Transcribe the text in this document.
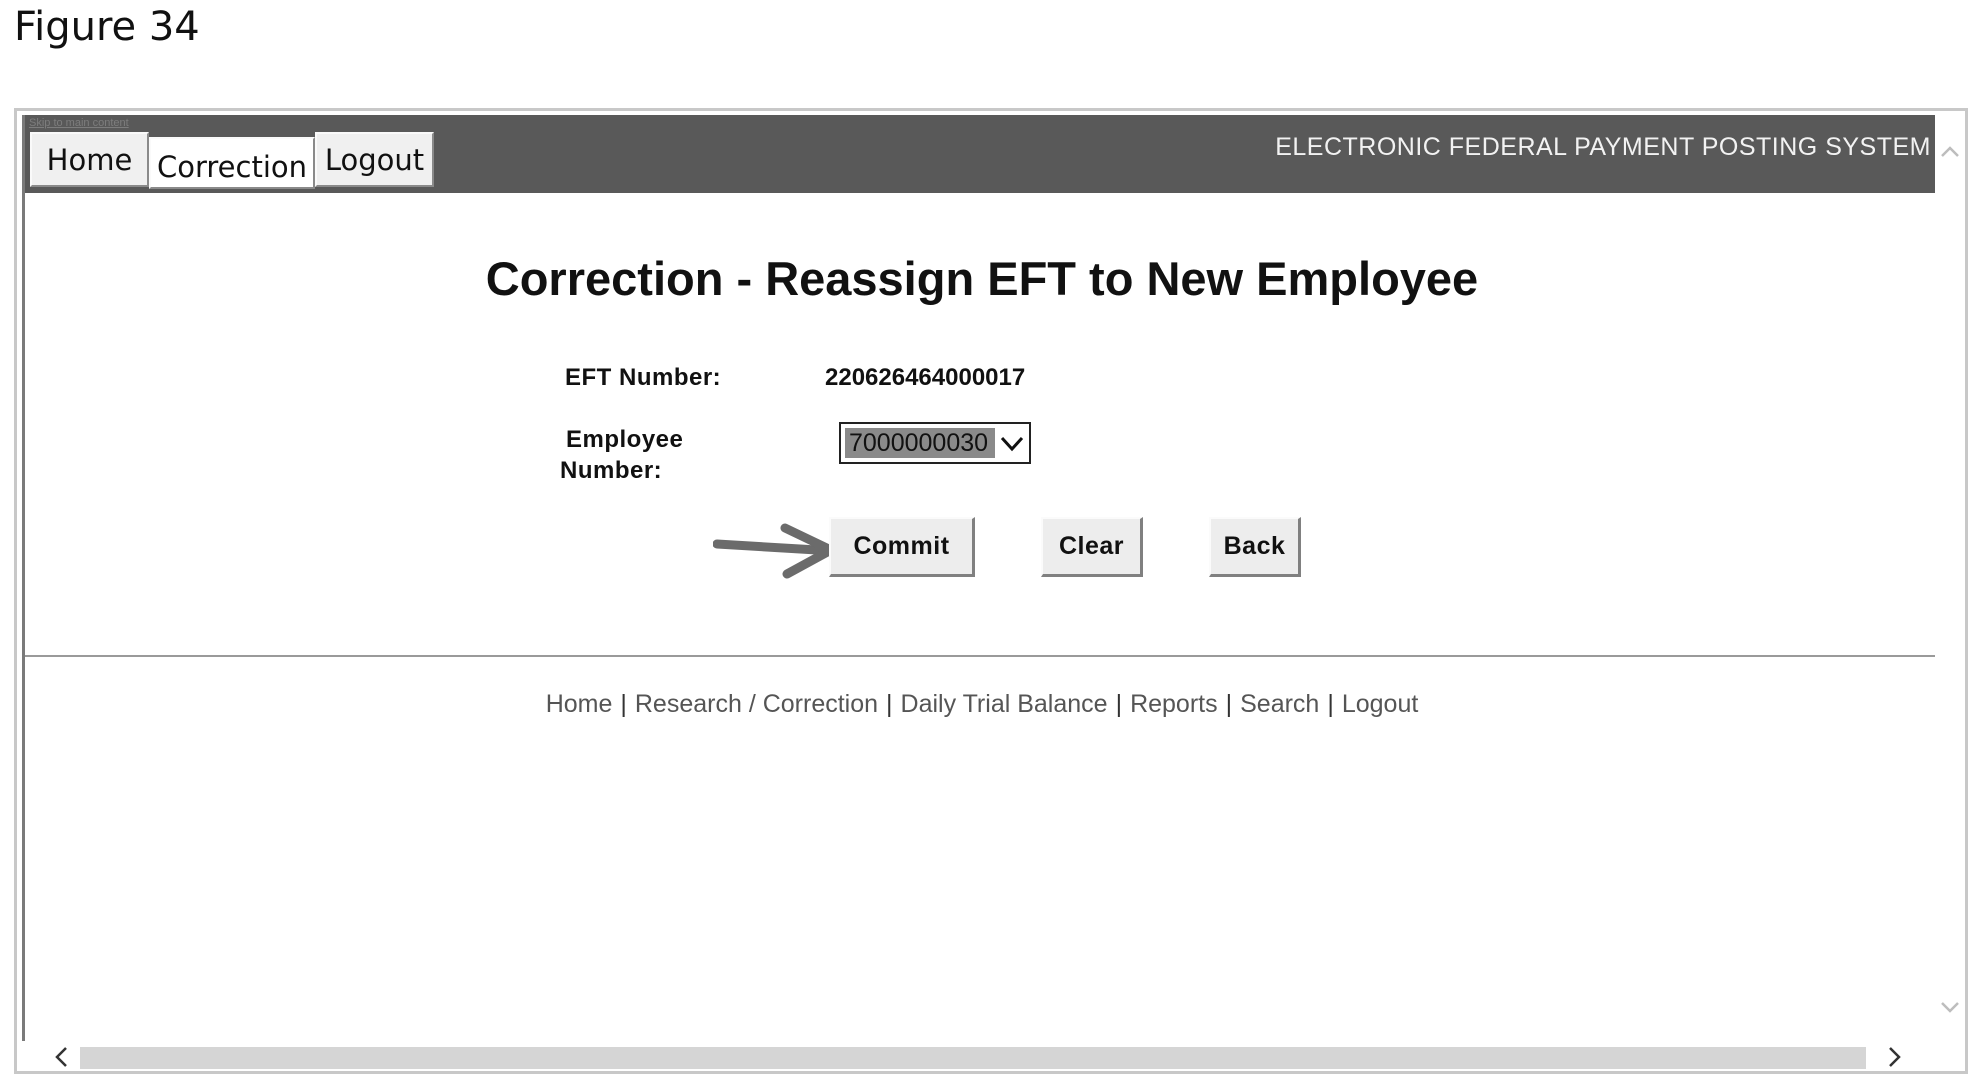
Figure 34
Skip to main content
Home Correction Logout	ELECTRONIC FEDERAL PAYMENT POSTING SYSTEM
Correction - Reassign EFT to New Employee
EFT Number:	220626464000017
Employee
Number:
7000000030
Commit	Clear	Back
Home | Research / Correction | Daily Trial Balance | Reports | Search | Logout
